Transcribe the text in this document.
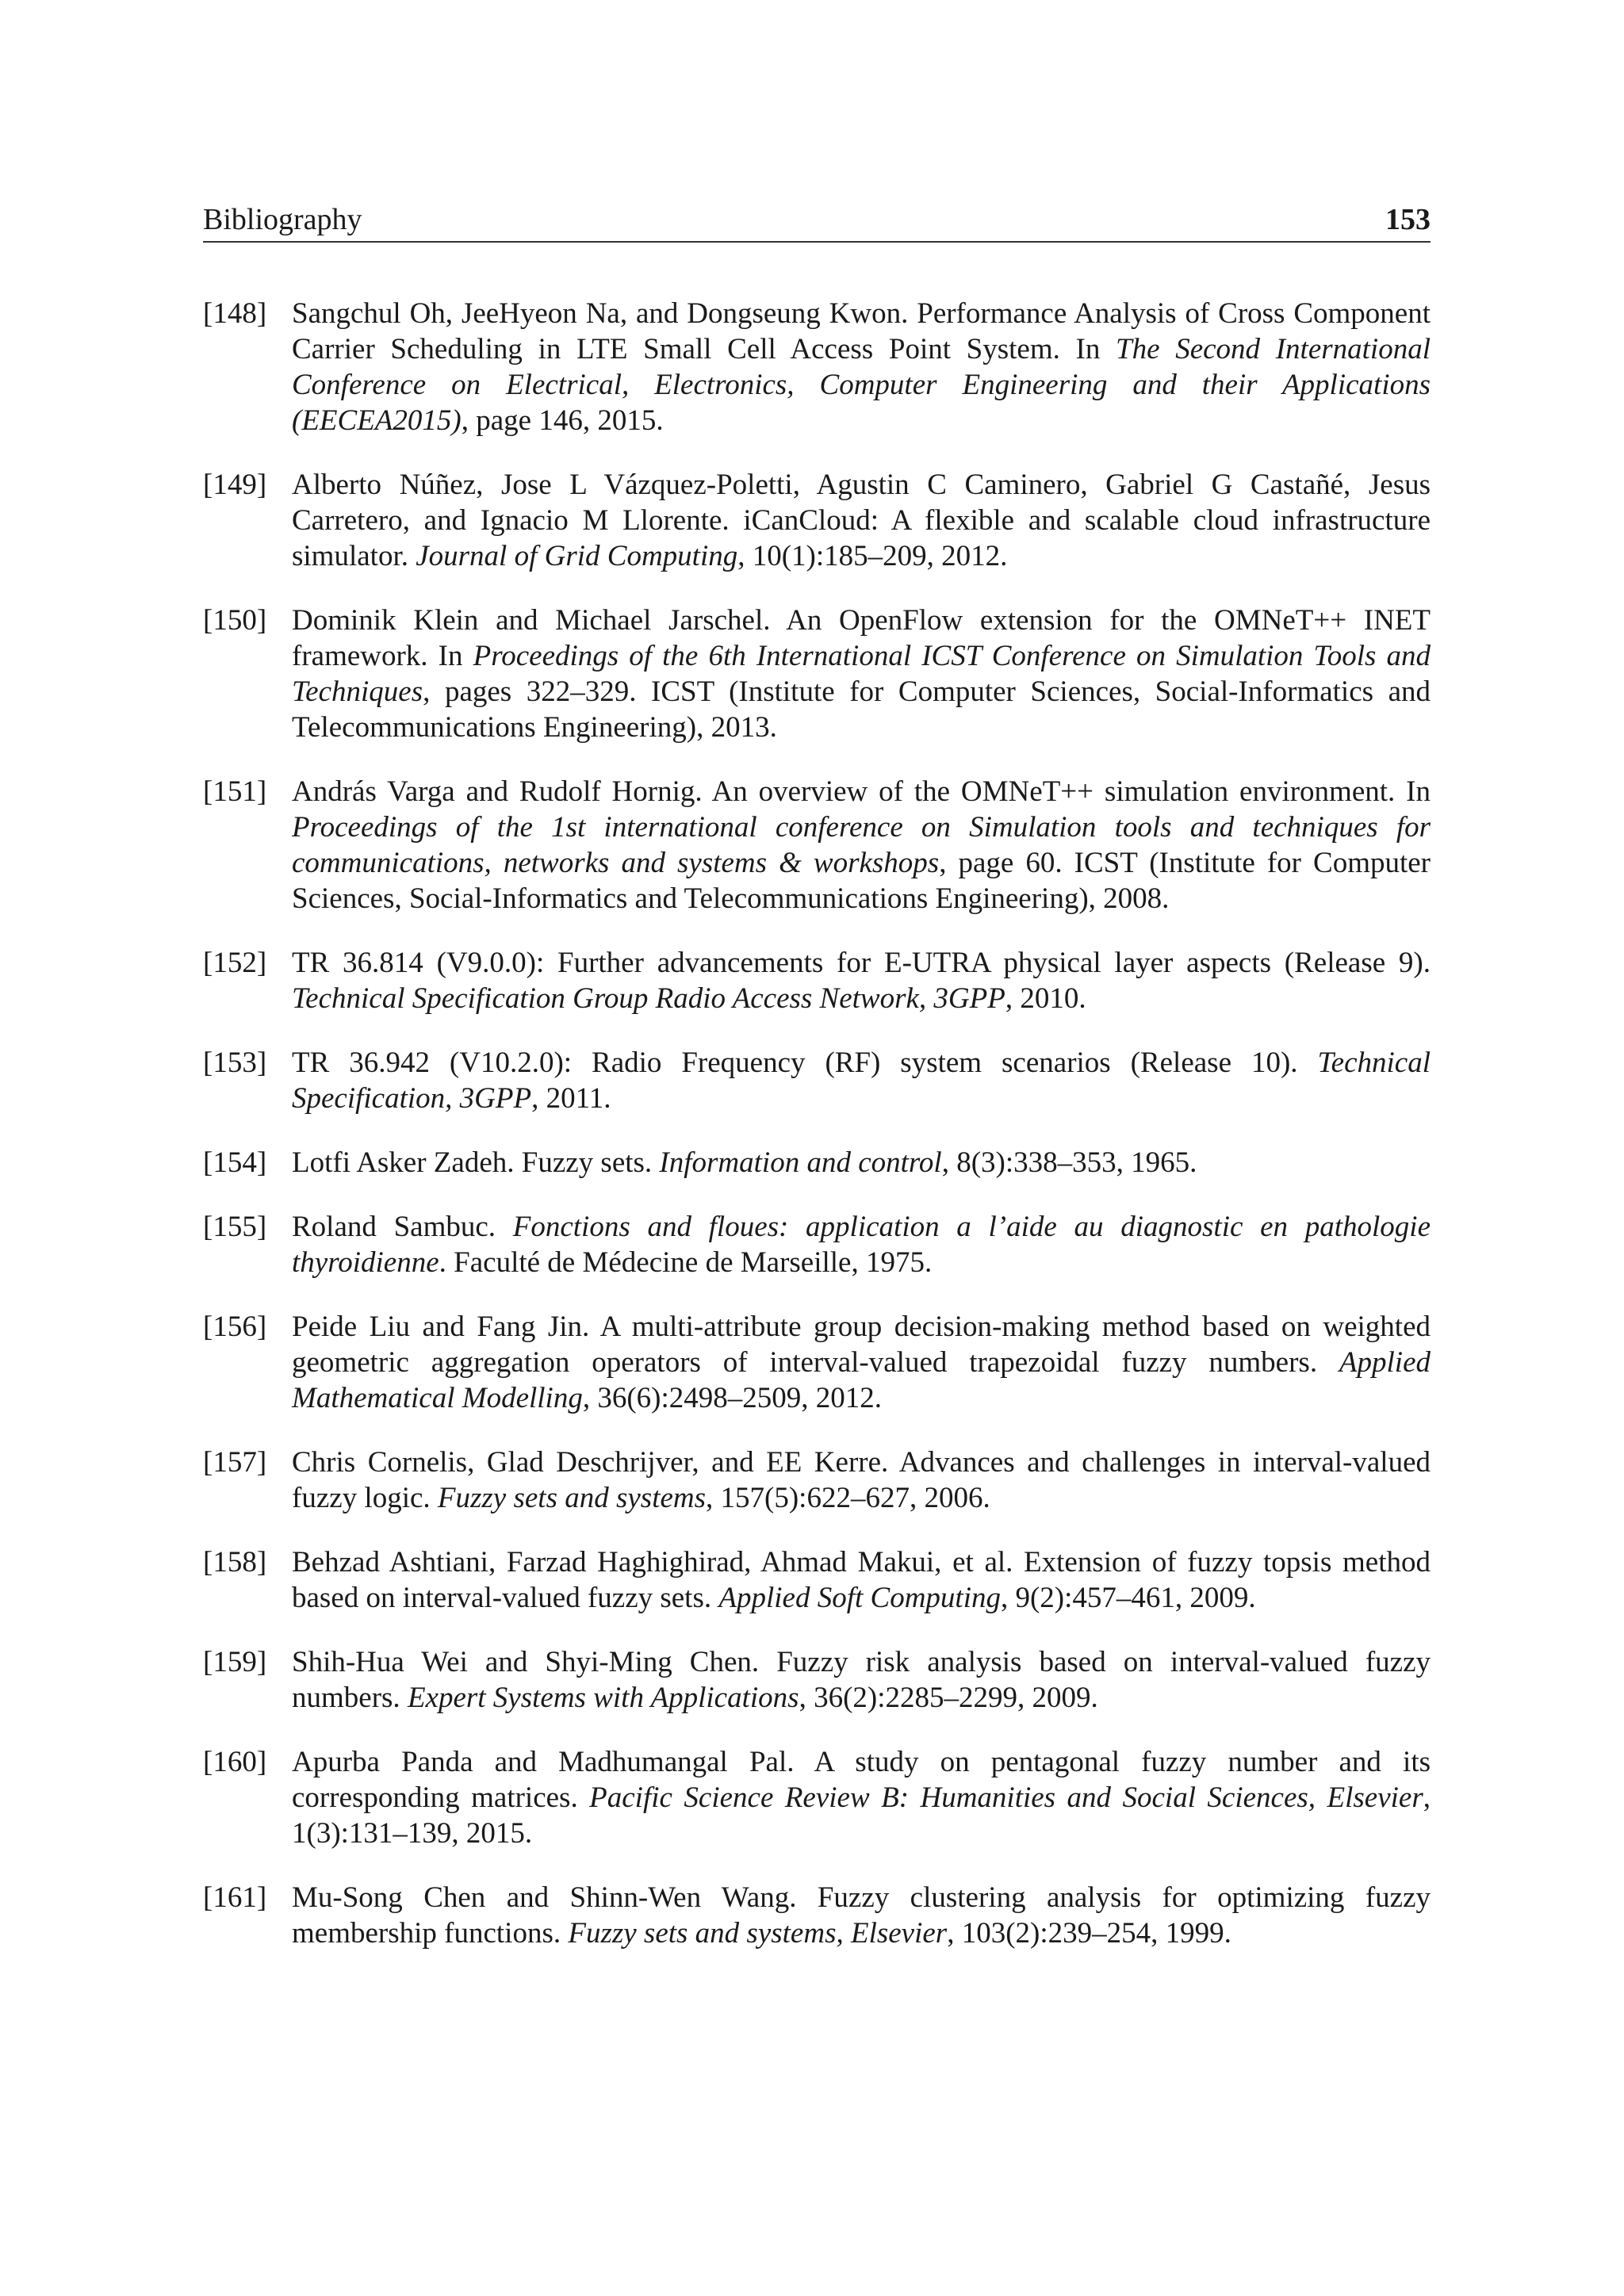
Bibliography	153
[148] Sangchul Oh, JeeHyeon Na, and Dongseung Kwon. Performance Analysis of Cross Component Carrier Scheduling in LTE Small Cell Access Point System. In The Second International Conference on Electrical, Electronics, Computer Engineering and their Applications (EECEA2015), page 146, 2015.
[149] Alberto Núñez, Jose L Vázquez-Poletti, Agustin C Caminero, Gabriel G Castañé, Jesus Carretero, and Ignacio M Llorente. iCanCloud: A flexible and scalable cloud infrastructure simulator. Journal of Grid Computing, 10(1):185–209, 2012.
[150] Dominik Klein and Michael Jarschel. An OpenFlow extension for the OMNeT++ INET framework. In Proceedings of the 6th International ICST Conference on Simulation Tools and Techniques, pages 322–329. ICST (Institute for Computer Sciences, Social-Informatics and Telecommunications Engineering), 2013.
[151] András Varga and Rudolf Hornig. An overview of the OMNeT++ simulation environment. In Proceedings of the 1st international conference on Simulation tools and techniques for communications, networks and systems & workshops, page 60. ICST (Institute for Computer Sciences, Social-Informatics and Telecommunications Engineering), 2008.
[152] TR 36.814 (V9.0.0): Further advancements for E-UTRA physical layer aspects (Release 9). Technical Specification Group Radio Access Network, 3GPP, 2010.
[153] TR 36.942 (V10.2.0): Radio Frequency (RF) system scenarios (Release 10). Technical Specification, 3GPP, 2011.
[154] Lotfi Asker Zadeh. Fuzzy sets. Information and control, 8(3):338–353, 1965.
[155] Roland Sambuc. Fonctions and floues: application a l’aide au diagnostic en pathologie thyroidienne. Faculté de Médecine de Marseille, 1975.
[156] Peide Liu and Fang Jin. A multi-attribute group decision-making method based on weighted geometric aggregation operators of interval-valued trapezoidal fuzzy numbers. Applied Mathematical Modelling, 36(6):2498–2509, 2012.
[157] Chris Cornelis, Glad Deschrijver, and EE Kerre. Advances and challenges in interval-valued fuzzy logic. Fuzzy sets and systems, 157(5):622–627, 2006.
[158] Behzad Ashtiani, Farzad Haghighirad, Ahmad Makui, et al. Extension of fuzzy topsis method based on interval-valued fuzzy sets. Applied Soft Computing, 9(2):457–461, 2009.
[159] Shih-Hua Wei and Shyi-Ming Chen. Fuzzy risk analysis based on interval-valued fuzzy numbers. Expert Systems with Applications, 36(2):2285–2299, 2009.
[160] Apurba Panda and Madhumangal Pal. A study on pentagonal fuzzy number and its corresponding matrices. Pacific Science Review B: Humanities and Social Sciences, Elsevier, 1(3):131–139, 2015.
[161] Mu-Song Chen and Shinn-Wen Wang. Fuzzy clustering analysis for optimizing fuzzy membership functions. Fuzzy sets and systems, Elsevier, 103(2):239–254, 1999.
